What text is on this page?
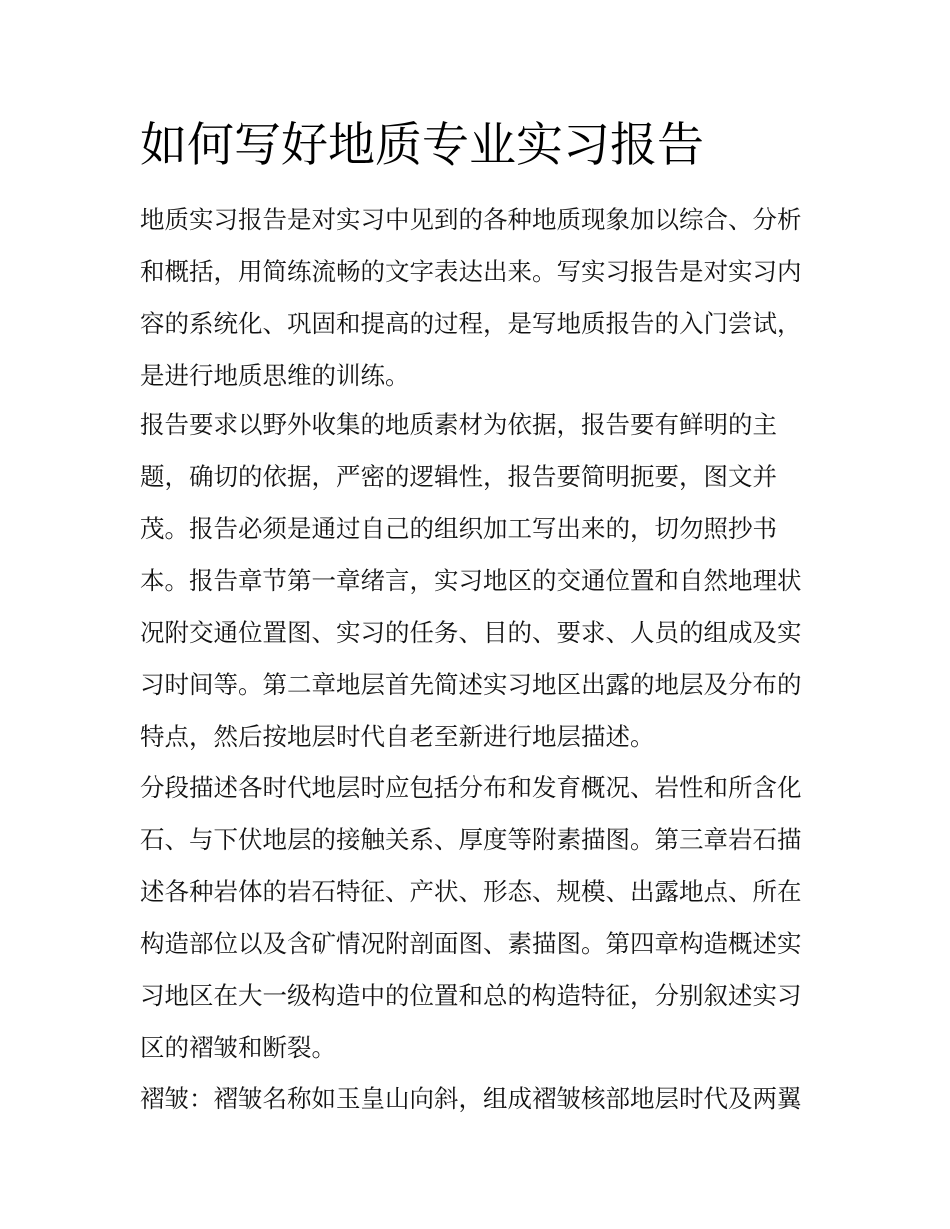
如何写好地质专业实习报告

地质实习报告是对实习中见到的各种地质现象加以综合、分析

和概括，用简练流畅的文字表达出来。写实习报告是对实习内

容的系统化、巩固和提高的过程，是写地质报告的入门尝试，

是进行地质思维的训练。

报告要求以野外收集的地质素材为依据，报告要有鲜明的主

题，确切的依据，严密的逻辑性，报告要简明扼要，图文并

茂。报告必须是通过自己的组织加工写出来的，切勿照抄书

本。报告章节第一章绪言，实习地区的交通位置和自然地理状

况附交通位置图、实习的任务、目的、要求、人员的组成及实

习时间等。第二章地层首先简述实习地区出露的地层及分布的

特点，然后按地层时代自老至新进行地层描述。

分段描述各时代地层时应包括分布和发育概况、岩性和所含化

石、与下伏地层的接触关系、厚度等附素描图。第三章岩石描

述各种岩体的岩石特征、产状、形态、规模、出露地点、所在

构造部位以及含矿情况附剖面图、素描图。第四章构造概述实

习地区在大一级构造中的位置和总的构造特征，分别叙述实习

区的褶皱和断裂。

褶皱：褶皱名称如玉皇山向斜，组成褶皱核部地层时代及两翼
